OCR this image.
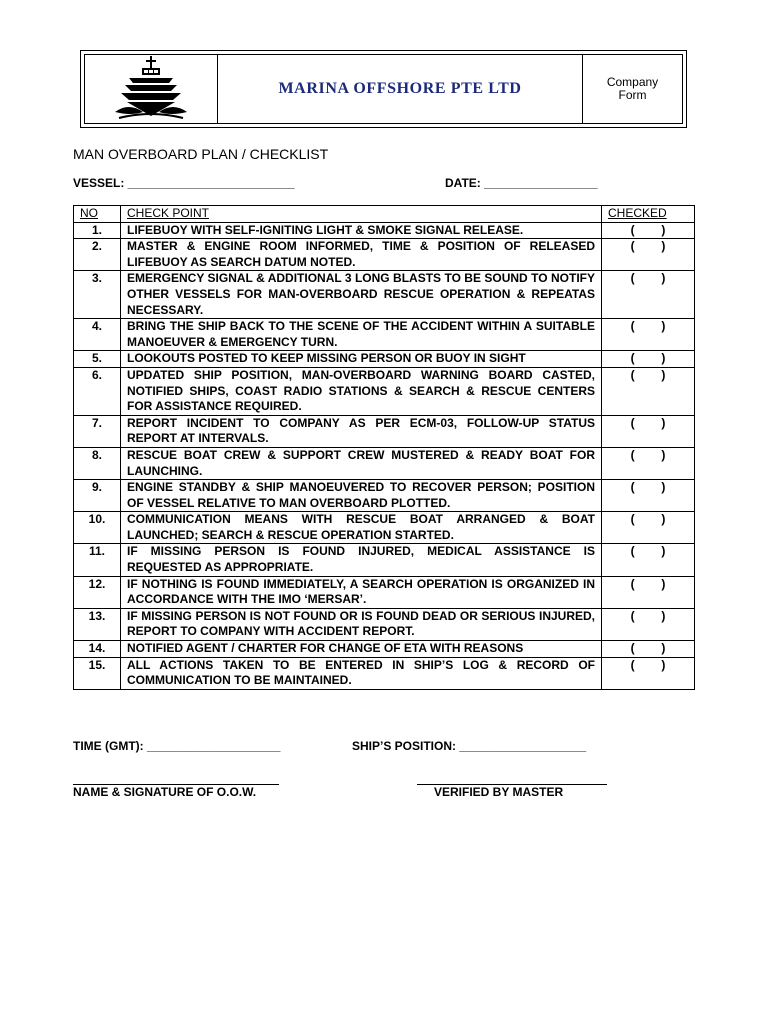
MARINA OFFSHORE PTE LTD	Company
Form
MAN OVERBOARD PLAN / CHECKLIST
VESSEL: _________________________	DATE: _________________
NO	CHECK POINT	CHECKED
1.	LIFEBUOY WITH SELF-IGNITING LIGHT & SMOKE SIGNAL RELEASE.	(        )
2.	MASTER & ENGINE ROOM INFORMED, TIME & POSITION OF RELEASED LIFEBUOY AS SEARCH DATUM NOTED.	(        )
3.	EMERGENCY SIGNAL & ADDITIONAL 3 LONG BLASTS TO BE SOUND TO NOTIFY OTHER VESSELS FOR MAN-OVERBOARD RESCUE OPERATION & REPEATAS NECESSARY.	(        )
4.	BRING THE SHIP BACK TO THE SCENE OF THE ACCIDENT WITHIN A SUITABLE MANOEUVER & EMERGENCY TURN.	(        )
5.	LOOKOUTS POSTED TO KEEP MISSING PERSON OR BUOY IN SIGHT	(        )
6.	UPDATED SHIP POSITION, MAN-OVERBOARD WARNING BOARD CASTED, NOTIFIED SHIPS, COAST RADIO STATIONS & SEARCH & RESCUE CENTERS FOR ASSISTANCE REQUIRED.	(        )
7.	REPORT INCIDENT TO COMPANY AS PER ECM-03, FOLLOW-UP STATUS REPORT AT INTERVALS.	(        )
8.	RESCUE BOAT CREW & SUPPORT CREW MUSTERED & READY BOAT FOR LAUNCHING.	(        )
9.	ENGINE STANDBY & SHIP MANOEUVERED TO RECOVER PERSON; POSITION OF VESSEL RELATIVE TO MAN OVERBOARD PLOTTED.	(        )
10.	COMMUNICATION MEANS WITH RESCUE BOAT ARRANGED & BOAT LAUNCHED; SEARCH & RESCUE OPERATION STARTED.	(        )
11.	IF MISSING PERSON IS FOUND INJURED, MEDICAL ASSISTANCE IS REQUESTED AS APPROPRIATE.	(        )
12.	IF NOTHING IS FOUND IMMEDIATELY, A SEARCH OPERATION IS ORGANIZED IN ACCORDANCE WITH THE IMO ‘MERSAR’.	(        )
13.	IF MISSING PERSON IS NOT FOUND OR IS FOUND DEAD OR SERIOUS INJURED, REPORT TO COMPANY WITH ACCIDENT REPORT.	(        )
14.	NOTIFIED AGENT / CHARTER FOR CHANGE OF ETA WITH REASONS	(        )
15.	ALL ACTIONS TAKEN TO BE ENTERED IN SHIP’S LOG & RECORD OF COMMUNICATION TO BE MAINTAINED.	(        )
TIME (GMT): ____________________	SHIP’S POSITION: ___________________
NAME & SIGNATURE OF O.O.W.	VERIFIED BY MASTER
